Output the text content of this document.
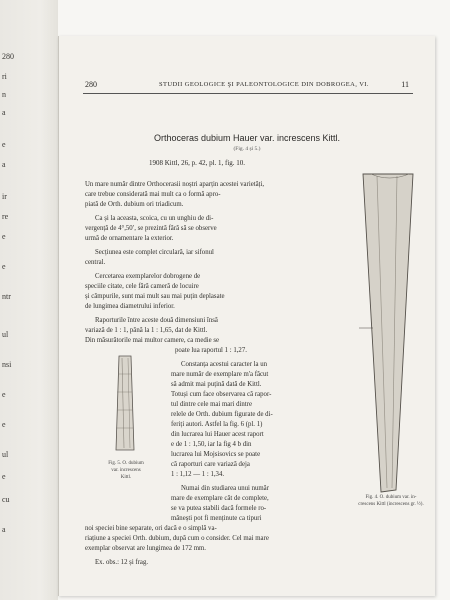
280
ri
n
a
e
a
ir
re
e
e
ntr
ul
nsi
e
e
ul
e
cu
a
280	STUDII GEOLOGICE ŞI PALEONTOLOGICE DIN DOBROGEA, VI.	11
Orthoceras dubium Hauer var. increscens Kittl.
(Fig. 4 și 5.)
1908 Kittl, 26, p. 42, pl. 1, fig. 10.
Un mare număr dintre Orthocerasii noștri aparțin acestei varietăți,
care trebue considerată mai mult ca o formă apro-
piată de Orth. dubium ori triadicum.
Ca și la aceasta, scoica, cu un unghiu de di-
vergență de 4°,50′, se prezintă fără să se observe
urmă de ornamentare la exterior.
Secțiunea este complet circulară, iar sifonul
central.
Cercetarea exemplarelor dobrogene de
speciile citate, cele fără cameră de locuire
și câmpurile, sunt mai mult sau mai puțin deplasate
de lungimea diametrului inferior.
Raporturile între aceste două dimensiuni însă
variază de 1 : 1, până la 1 : 1,65, dat de Kittl.
Din măsurătorile mai multor camere, ca medie se
poate lua raportul 1 : 1,27.
Constanța acestui caracter la un
mare număr de exemplare m'a făcut
să admit mai puțină dată de Kittl.
Totuși cum face observarea că rapor-
tul dintre cele mai mari dintre
relele de Orth. dubium figurate de di-
feriți autori. Astfel la fig. 6 (pl. 1)
din lucrarea lui Hauer acest raport
e de 1 : 1,50, iar la fig 4 b din
lucrarea lui Mojsisovics se poate
că raporturi care variază deja
1 : 1,12 — 1 : 1,34.
Numai din studiarea unui număr
mare de exemplare cât de complete,
se va putea stabili dacă formele ro-
mânești pot fi menținute ca tipuri
noi speciei bine separate, ori dacă e o simplă va-
riațiune a speciei Orth. dubium, după cum o consider. Cel mai mare
exemplar observat are lungimea de 172 mm.
Ex. obs.: 12 și frag.
Fig. 5. O. dubium
var. increscens
Kittl.
Fig. 4. O. dubium var. in-
crescens Kittl (increscens gr. ½).
